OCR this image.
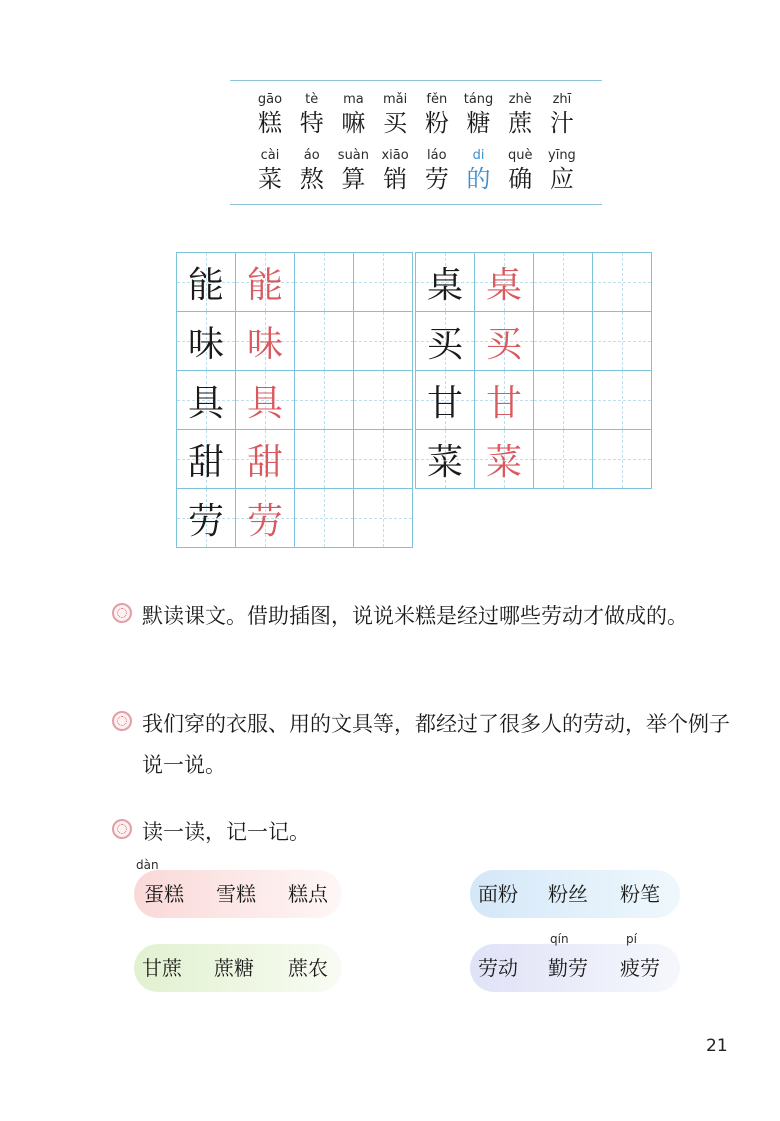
gāo
糕
tè
特
ma
嘛
mǎi
买
fěn
粉
táng
糖
zhè
蔗
zhī
汁
cài
菜
áo
熬
suàn
算
xiāo
销
láo
劳
di
的
què
确
yīng
应
能 能
味 味
具 具
甜 甜
劳 劳
桌 桌
买 买
甘 甘
菜 菜
默读课文。借助插图，说说米糕是经过哪些劳动才做成的。
我们穿的衣服、用的文具等，都经过了很多人的劳动，举个例子说一说。
读一读，记一记。
dàn
蛋糕 雪糕 糕点	面粉 粉丝 粉笔
甘蔗 蔗糖 蔗农	劳动
qín
勤劳
pí
疲劳
21
